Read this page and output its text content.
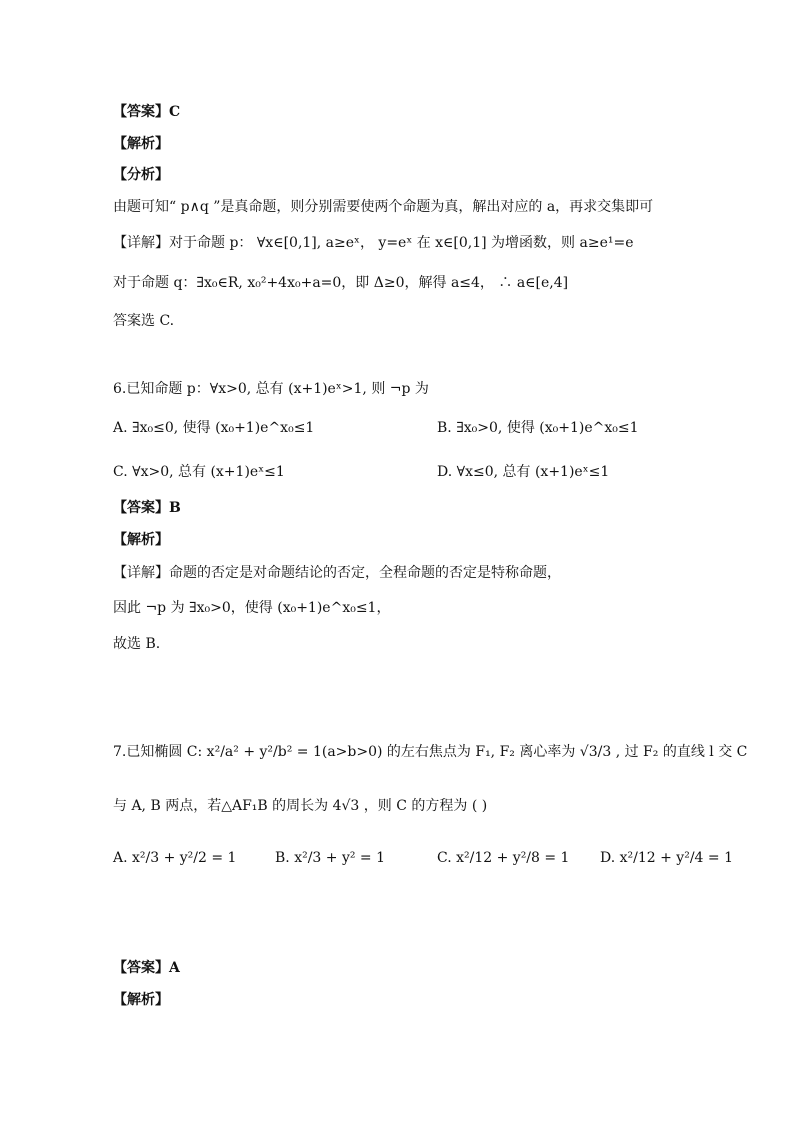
【答案】C
【解析】
【分析】
由题可知“ p∧q ”是真命题，则分别需要使两个命题为真，解出对应的 a，再求交集即可
【详解】对于命题 p： ∀x∈[0,1], a≥eˣ， y=eˣ 在 x∈[0,1] 为增函数，则 a≥e¹=e
对于命题 q：∃x₀∈R, x₀²+4x₀+a=0，即 Δ≥0，解得 a≤4， ∴ a∈[e,4]
答案选 C.
6.已知命题 p：∀x>0, 总有 (x+1)eˣ>1, 则 ¬p 为
A. ∃x₀≤0, 使得 (x₀+1)e^x₀≤1	B. ∃x₀>0, 使得 (x₀+1)e^x₀≤1
C. ∀x>0, 总有 (x+1)eˣ≤1	D. ∀x≤0, 总有 (x+1)eˣ≤1
【答案】B
【解析】
【详解】命题的否定是对命题结论的否定，全程命题的否定是特称命题，
因此 ¬p 为 ∃x₀>0，使得 (x₀+1)e^x₀≤1，
故选 B.
7.已知椭圆 C: x²/a² + y²/b² = 1(a>b>0) 的左右焦点为 F₁, F₂ 离心率为 √3/3 , 过 F₂ 的直线 l 交 C
与 A, B 两点，若△AF₁B 的周长为 4√3 ，则 C 的方程为 ( )
A. x²/3 + y²/2 = 1	B. x²/3 + y² = 1	C. x²/12 + y²/8 = 1 D. x²/12 + y²/4 = 1
【答案】A
【解析】
